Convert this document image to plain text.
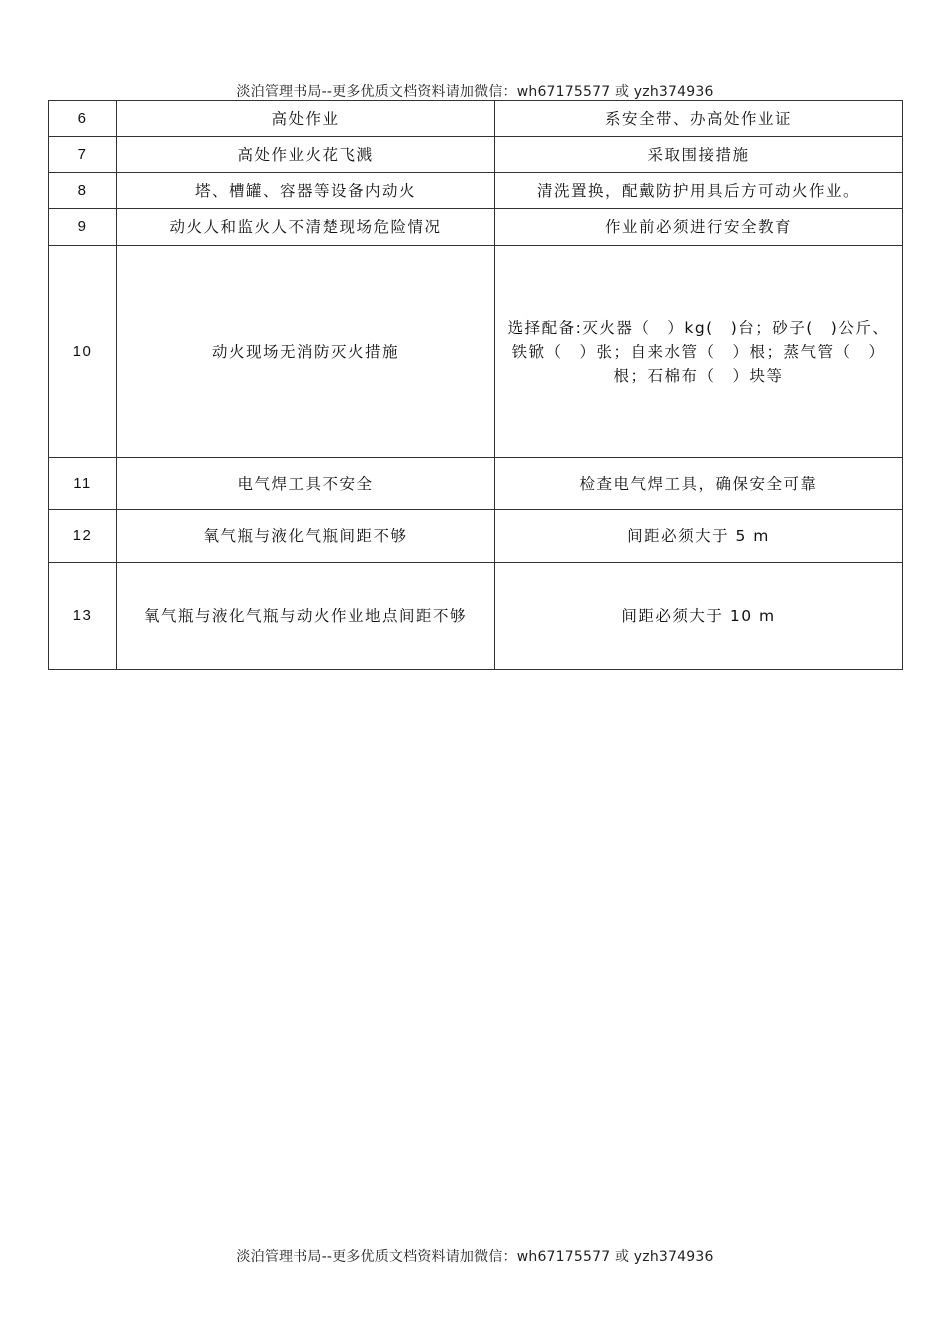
淡泊管理书局--更多优质文档资料请加微信：wh67175577 或 yzh374936
6	高处作业	系安全带、办高处作业证
7	高处作业火花飞溅	采取围接措施
8	塔、槽罐、容器等设备内动火	清洗置换，配戴防护用具后方可动火作业。
9	动火人和监火人不清楚现场危险情况	作业前必须进行安全教育
10	动火现场无消防灭火措施	选择配备:灭火器（　）kg(　)台；砂子(　)公斤、铁锨（　）张；自来水管（　）根；蒸气管（　）根；石棉布（　）块等
11	电气焊工具不安全	检查电气焊工具，确保安全可靠
12	氧气瓶与液化气瓶间距不够	间距必须大于 5 m
13	氧气瓶与液化气瓶与动火作业地点间距不够	间距必须大于 10 m
淡泊管理书局--更多优质文档资料请加微信：wh67175577 或 yzh374936
